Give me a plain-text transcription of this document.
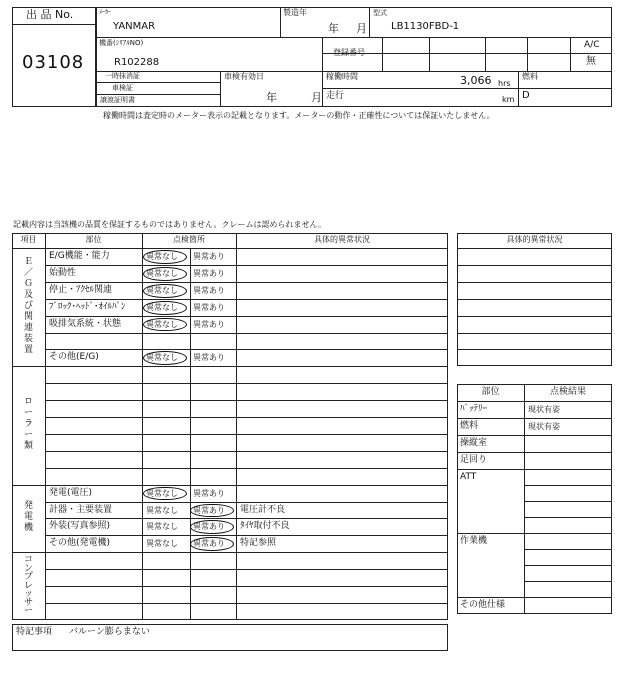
出 品 No.
03108
ﾒｰｶｰ
YANMAR
製造年
年 月
型式
LB1130FBD-1
機番(ｼﾘｱﾙNO)
R102288
登録番号
A/C
無
一時抹消証
車検証
譲渡証明書
車検有効日
年	月
稼働時間	3,066 hrs
走行	km
燃料
D
稼働時間は査定時のメーター表示の記載となります。メーターの動作・正確性については保証いたしません。
記載内容は当該機の品質を保証するものではありません。クレームは認められません。
項目	部位	点検箇所	具体的異常状況
Ｅ
／
Ｇ
及
び
関
連
装
置
E/G機能・能力	異常なし 異常あり
始動性	異常なし 異常あり
停止・ｱｸｾﾙ関連	異常なし 異常あり
ﾌﾞﾛｯｸ･ﾍｯﾄﾞ･ｵｲﾙﾊﾟﾝ	異常なし 異常あり
吸排気系統・状態	異常なし 異常あり
その他(E/G)	異常なし 異常あり
ロ
ー
ラ
ー
類
発
電
機
発電(電圧)	異常なし 異常あり
計器・主要装置	異常なし 異常あり 電圧計不良
外装(写真参照)	異常なし 異常あり ﾀｲﾔ取付不良
その他(発電機)	異常なし 異常あり 特記参照
コ
ン
プ
レ
ッ
サ
ー
特記事項 バルーン膨らまない
具体的異常状況
部位	点検結果
ﾊﾞｯﾃﾘｰ	現状有姿
燃料	現状有姿
操縦室
足回り
ATT
作業機
その他仕様
